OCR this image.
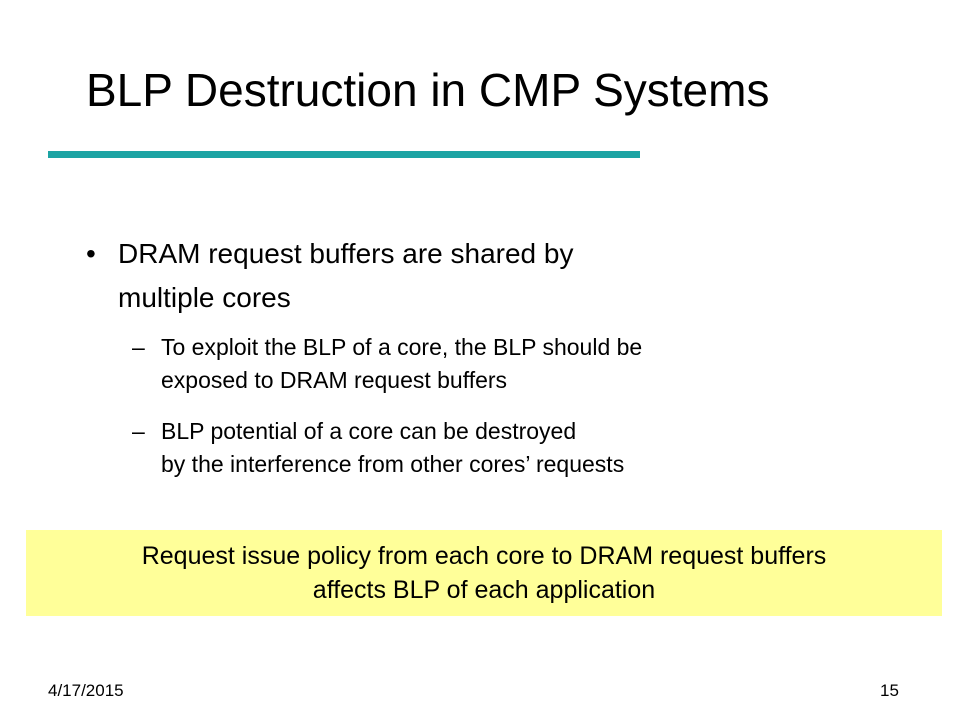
BLP Destruction in CMP Systems
• DRAM request buffers are shared by
multiple cores
– To exploit the BLP of a core, the BLP should be
exposed to DRAM request buffers
– BLP potential of a core can be destroyed
by the interference from other cores’ requests
Request issue policy from each core to DRAM request buffers
affects BLP of each application
4/17/2015	15
